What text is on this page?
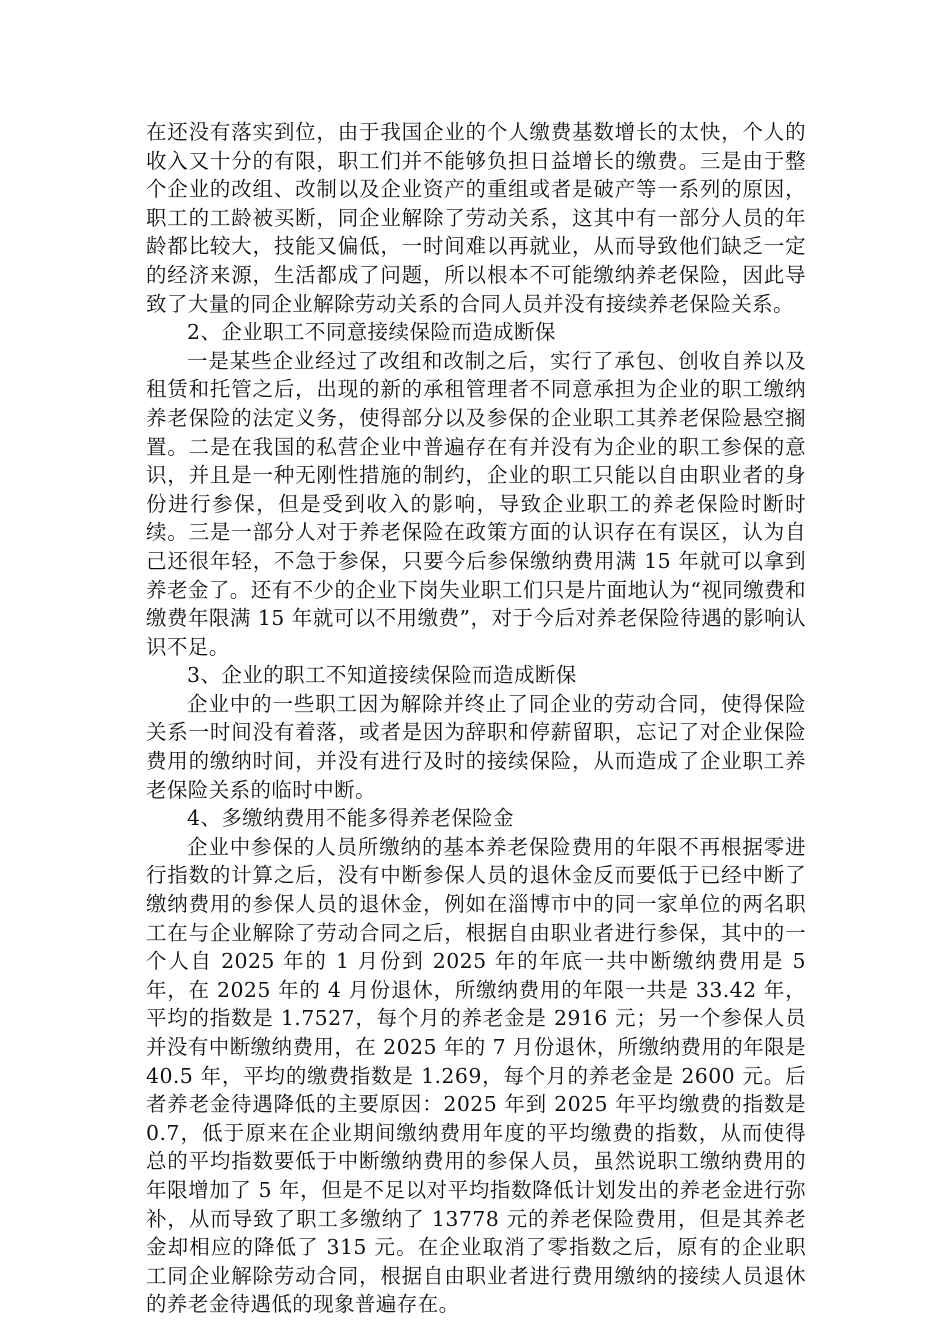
在还没有落实到位，由于我国企业的个人缴费基数增长的太快，个人的收入又十分的有限，职工们并不能够负担日益增长的缴费。三是由于整个企业的改组、改制以及企业资产的重组或者是破产等一系列的原因，职工的工龄被买断，同企业解除了劳动关系，这其中有一部分人员的年龄都比较大，技能又偏低，一时间难以再就业，从而导致他们缺乏一定的经济来源，生活都成了问题，所以根本不可能缴纳养老保险，因此导致了大量的同企业解除劳动关系的合同人员并没有接续养老保险关系。

2、企业职工不同意接续保险而造成断保

一是某些企业经过了改组和改制之后，实行了承包、创收自养以及租赁和托管之后，出现的新的承租管理者不同意承担为企业的职工缴纳养老保险的法定义务，使得部分以及参保的企业职工其养老保险悬空搁置。二是在我国的私营企业中普遍存在有并没有为企业的职工参保的意识，并且是一种无刚性措施的制约，企业的职工只能以自由职业者的身份进行参保，但是受到收入的影响，导致企业职工的养老保险时断时续。三是一部分人对于养老保险在政策方面的认识存在有误区，认为自己还很年轻，不急于参保，只要今后参保缴纳费用满 15 年就可以拿到养老金了。还有不少的企业下岗失业职工们只是片面地认为“视同缴费和缴费年限满 15 年就可以不用缴费”，对于今后对养老保险待遇的影响认识不足。

3、企业的职工不知道接续保险而造成断保

企业中的一些职工因为解除并终止了同企业的劳动合同，使得保险关系一时间没有着落，或者是因为辞职和停薪留职，忘记了对企业保险费用的缴纳时间，并没有进行及时的接续保险，从而造成了企业职工养老保险关系的临时中断。

4、多缴纳费用不能多得养老保险金

企业中参保的人员所缴纳的基本养老保险费用的年限不再根据零进行指数的计算之后，没有中断参保人员的退休金反而要低于已经中断了缴纳费用的参保人员的退休金，例如在淄博市中的同一家单位的两名职工在与企业解除了劳动合同之后，根据自由职业者进行参保，其中的一个人自 2025 年的 1 月份到 2025 年的年底一共中断缴纳费用是 5 年，在 2025 年的 4 月份退休，所缴纳费用的年限一共是 33.42 年，平均的指数是 1.7527，每个月的养老金是 2916 元；另一个参保人员并没有中断缴纳费用，在 2025 年的 7 月份退休，所缴纳费用的年限是 40.5 年，平均的缴费指数是 1.269，每个月的养老金是 2600 元。后者养老金待遇降低的主要原因：2025 年到 2025 年平均缴费的指数是 0.7，低于原来在企业期间缴纳费用年度的平均缴费的指数，从而使得总的平均指数要低于中断缴纳费用的参保人员，虽然说职工缴纳费用的年限增加了 5 年，但是不足以对平均指数降低计划发出的养老金进行弥补，从而导致了职工多缴纳了 13778 元的养老保险费用，但是其养老金却相应的降低了 315 元。在企业取消了零指数之后，原有的企业职工同企业解除劳动合同，根据自由职业者进行费用缴纳的接续人员退休的养老金待遇低的现象普遍存在。
